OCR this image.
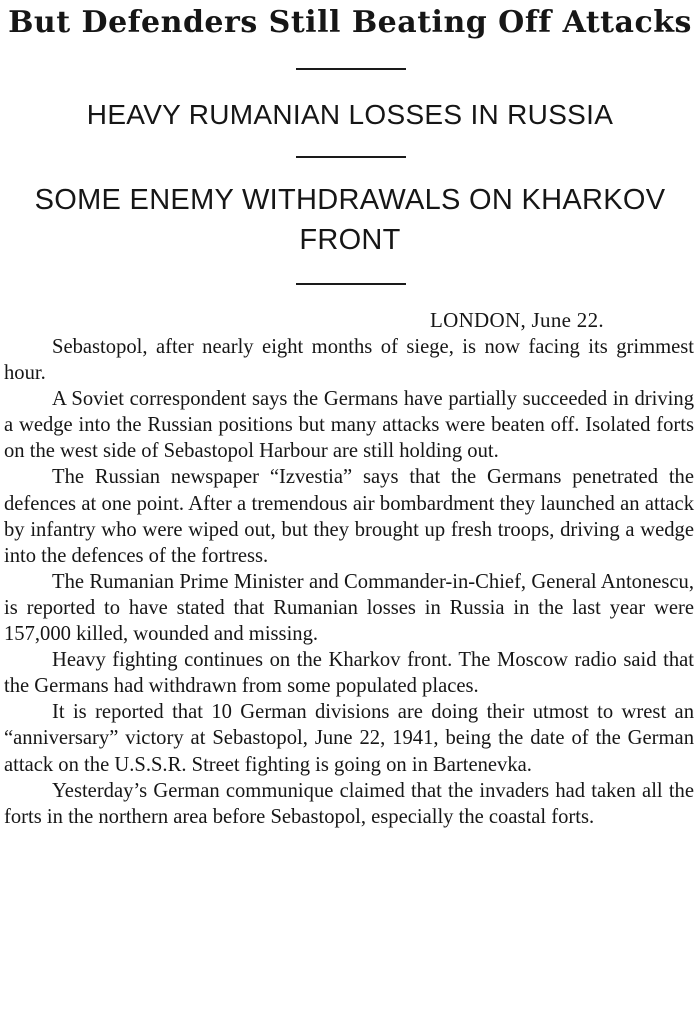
But Defenders Still Beating Off Attacks
HEAVY RUMANIAN LOSSES IN RUSSIA
SOME ENEMY WITHDRAWALS ON KHARKOV FRONT
LONDON, June 22.

Sebastopol, after nearly eight months of siege, is now facing its grimmest hour.

A Soviet correspondent says the Germans have partially succeeded in driving a wedge into the Russian positions but many attacks were beaten off. Isolated forts on the west side of Sebastopol Harbour are still holding out.

The Russian newspaper “Izvestia” says that the Germans penetrated the defences at one point. After a tremendous air bombardment they launched an attack by infantry who were wiped out, but they brought up fresh troops, driving a wedge into the defences of the fortress.

The Rumanian Prime Minister and Commander-in-Chief, General Antonescu, is reported to have stated that Rumanian losses in Russia in the last year were 157,000 killed, wounded and missing.

Heavy fighting continues on the Kharkov front. The Moscow radio said that the Germans had withdrawn from some populated places.

It is reported that 10 German divisions are doing their utmost to wrest an “anniversary” victory at Sebastopol, June 22, 1941, being the date of the German attack on the U.S.S.R. Street fighting is going on in Bartenevka.

Yesterday’s German communique claimed that the invaders had taken all the forts in the northern area before Sebastopol, especially the coastal forts.
